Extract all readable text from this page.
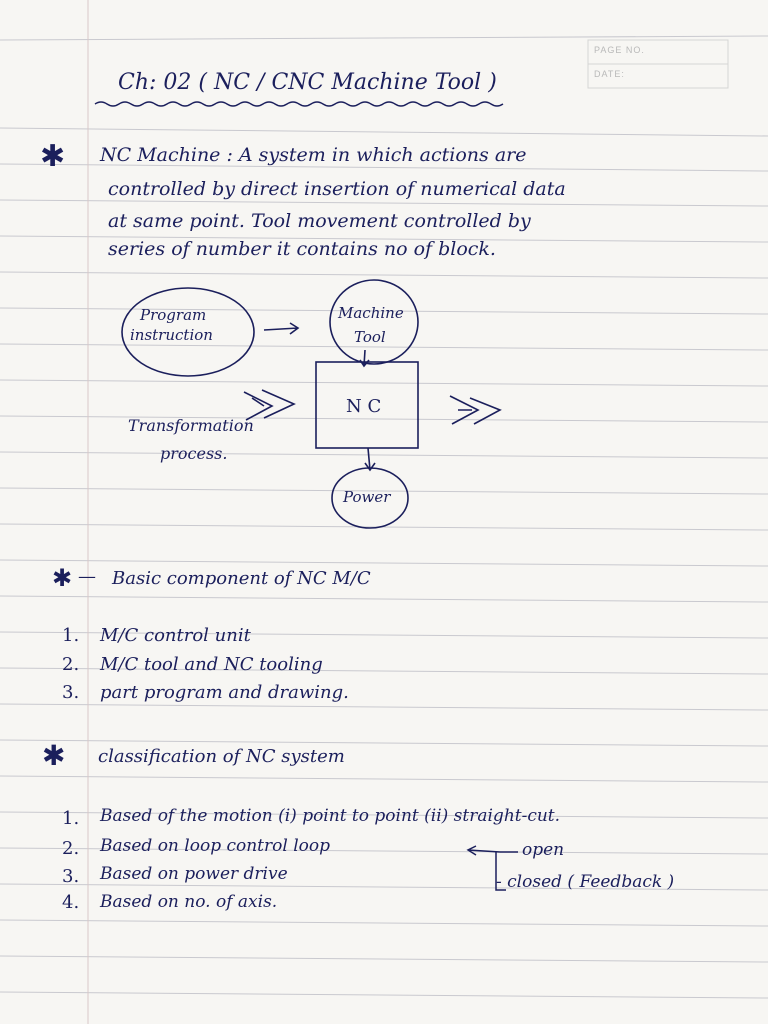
PAGE NO.
DATE:
Ch: 02 ( NC / CNC Machine Tool )
✱ NC Machine : A system in which actions are
controlled by direct insertion of numerical data
at same point. Tool movement controlled by
series of number it contains no of block.
Program
instruction
Machine
Tool
N C
Transformation
process.
Power
✱ — Basic component of NC M/C
1. M/C control unit
2. M/C tool and NC tooling
3. part program and drawing.
✱ classification of NC system
1. Based of the motion (i) point to point (ii) straight-cut.
2. Based on loop control loop
3. Based on power drive
4. Based on no. of axis.
open
- closed ( Feedback )
